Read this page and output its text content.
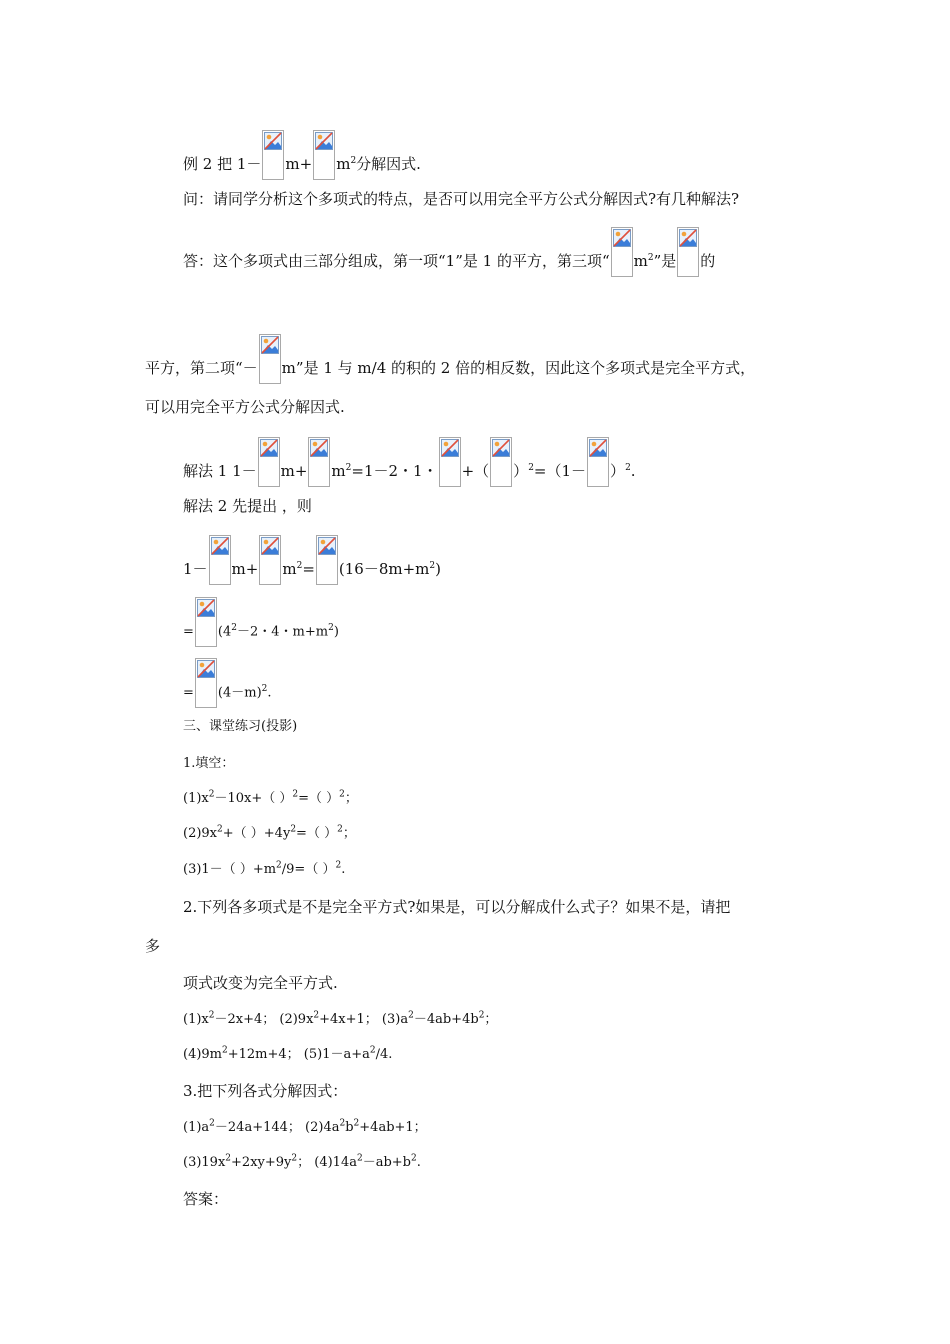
例 2 把 $1- m+ m^2$分解因式.
问：请同学分析这个多项式的特点，是否可以用完全平方公式分解因式?有几种解法?
答：这个多项式由三部分组成，第一项“1”是 1 的平方，第三项“ $m^2$”是 的
平方，第二项“－ m”是 1 与 m/4 的积的 2 倍的相反数，因此这个多项式是完全平方式，
可以用完全平方公式分解因式.
解法 1 $1- m+ m^2=1-2$・1・ +（ ）$^2=(1- )^2$.
解法 2 先提出 ，则
$1- m+ m^2= (16-8m+m^2)$
= ($4^2-2$・4・$m+m^2$)
= $(4-m)^2$.
三、课堂练习(投影)
1.填空：
$(1)x^2-10x+$（ ）$^2$=（ ）$^2$；
$(2)9x^2+$（ ）$+4y^2=$（ ）$^2$；
(3)1－（ ）$+m^2/9=$（ ）$^2$.
2.下列各多项式是不是完全平方式?如果是，可以分解成什么式子？如果不是，请把
多
项式改变为完全平方式.
$(1)x^2-2x+4$； $(2)9x^2+4x+1$； $(3)a^2-4ab+4b^2$；
$(4)9m^2+12m+4$； $(5)1-a+a^2/4$.
3.把下列各式分解因式：
$(1)a^2-24a+144$； $(2)4a^2b^2+4ab+1$；
$(3)19x^2+2xy+9y^2$； $(4)14a^2-ab+b^2$.
答案：
